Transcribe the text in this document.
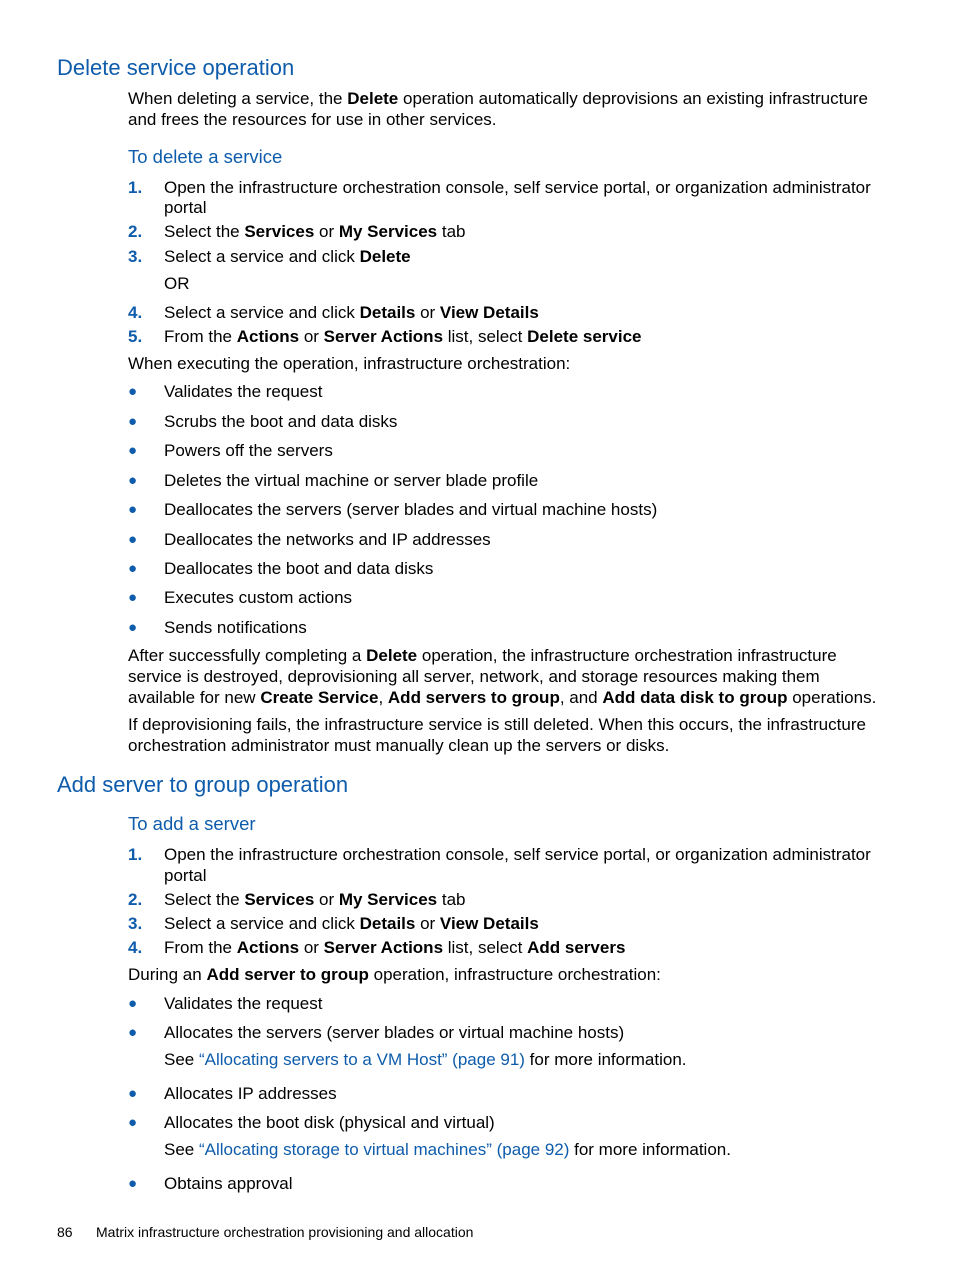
Delete service operation
When deleting a service, the Delete operation automatically deprovisions an existing infrastructure
and frees the resources for use in other services.
To delete a service
1. Open the infrastructure orchestration console, self service portal, or organization administrator
portal
2. Select the Services or My Services tab
3. Select a service and click Delete
OR
4. Select a service and click Details or View Details
5. From the Actions or Server Actions list, select Delete service
When executing the operation, infrastructure orchestration:
● Validates the request
● Scrubs the boot and data disks
● Powers off the servers
● Deletes the virtual machine or server blade profile
● Deallocates the servers (server blades and virtual machine hosts)
● Deallocates the networks and IP addresses
● Deallocates the boot and data disks
● Executes custom actions
● Sends notifications
After successfully completing a Delete operation, the infrastructure orchestration infrastructure
service is destroyed, deprovisioning all server, network, and storage resources making them
available for new Create Service, Add servers to group, and Add data disk to group operations.
If deprovisioning fails, the infrastructure service is still deleted. When this occurs, the infrastructure
orchestration administrator must manually clean up the servers or disks.
Add server to group operation
To add a server
1. Open the infrastructure orchestration console, self service portal, or organization administrator
portal
2. Select the Services or My Services tab
3. Select a service and click Details or View Details
4. From the Actions or Server Actions list, select Add servers
During an Add server to group operation, infrastructure orchestration:
● Validates the request
● Allocates the servers (server blades or virtual machine hosts)
See “Allocating servers to a VM Host” (page 91) for more information.
● Allocates IP addresses
● Allocates the boot disk (physical and virtual)
See “Allocating storage to virtual machines” (page 92) for more information.
● Obtains approval
86 Matrix infrastructure orchestration provisioning and allocation
